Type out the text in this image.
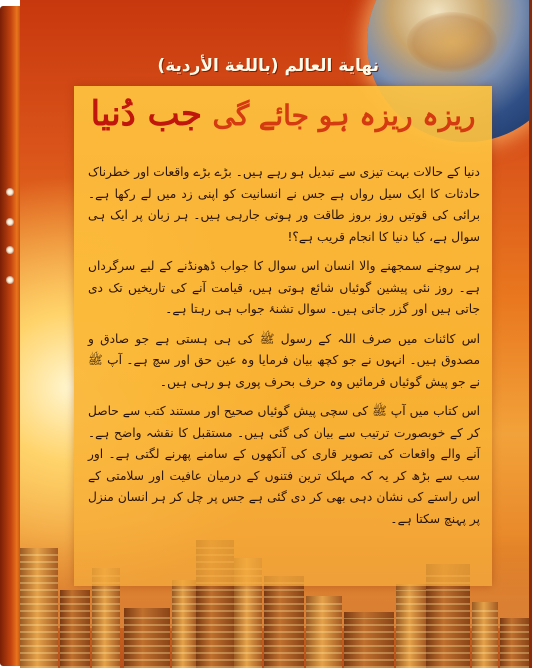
نهاية العالم (باللغة الأردية)
ریزہ ریزہ ہو جائے گی جب دُنیا

دنیا کے حالات بہت تیزی سے تبدیل ہو رہے ہیں۔ بڑے بڑے واقعات اور خطرناک حادثات کا ایک سیل رواں ہے جس نے انسانیت کو اپنی زد میں لے رکھا ہے۔ برائی کی قوتیں روز بروز طاقت ور ہوتی جارہی ہیں۔ ہر زبان پر ایک ہی سوال ہے، کیا دنیا کا انجام قریب ہے؟!

ہر سوچنے سمجھنے والا انسان اس سوال کا جواب ڈھونڈنے کے لیے سرگرداں ہے۔ روز نئی پیشین گوئیاں شائع ہوتی ہیں، قیامت آنے کی تاریخیں تک دی جاتی ہیں اور گزر جاتی ہیں۔ سوال تشنۂ جواب ہی رہتا ہے۔

اس کائنات میں صرف اللہ کے رسول ﷺ کی ہی ہستی ہے جو صادق و مصدوق ہیں۔ انہوں نے جو کچھ بیان فرمایا وہ عین حق اور سچ ہے۔ آپ ﷺ نے جو پیش گوئیاں فرمائیں وہ حرف بحرف پوری ہو رہی ہیں۔

اس کتاب میں آپ ﷺ کی سچی پیش گوئیاں صحیح اور مستند کتب سے حاصل کر کے خوبصورت ترتیب سے بیان کی گئی ہیں۔ مستقبل کا نقشہ واضح ہے۔ آنے والے واقعات کی تصویر قاری کی آنکھوں کے سامنے پھرنے لگتی ہے۔ اور سب سے بڑھ کر یہ کہ مہلک ترین فتنوں کے درمیان عافیت اور سلامتی کے اس راستے کی نشان دہی بھی کر دی گئی ہے جس پر چل کر ہر انسان منزل پر پہنچ سکتا ہے۔
